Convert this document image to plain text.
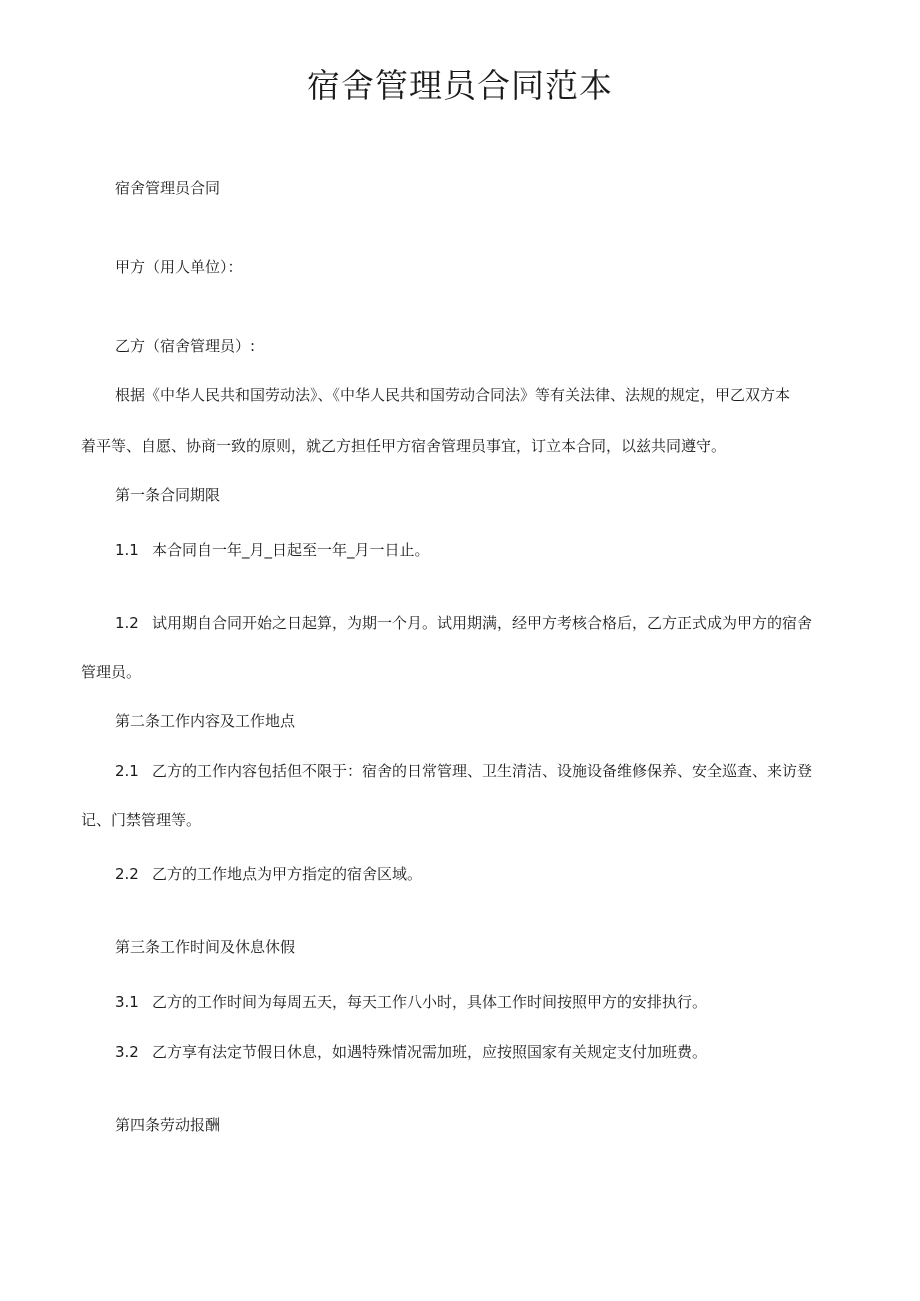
宿舍管理员合同范本

宿舍管理员合同

甲方（用人单位）：

乙方（宿舍管理员）:

根据《中华人民共和国劳动法》、《中华人民共和国劳动合同法》等有关法律、法规的规定，甲乙双方本

着平等、自愿、协商一致的原则，就乙方担任甲方宿舍管理员事宜，订立本合同，以兹共同遵守。

第一条合同期限

1.1 本合同自一年_月_日起至一年_月一日止。

1.2 试用期自合同开始之日起算，为期一个月。试用期满，经甲方考核合格后，乙方正式成为甲方的宿舍

管理员。

第二条工作内容及工作地点

2.1 乙方的工作内容包括但不限于：宿舍的日常管理、卫生清洁、设施设备维修保养、安全巡查、来访登

记、门禁管理等。

2.2 乙方的工作地点为甲方指定的宿舍区域。

第三条工作时间及休息休假

3.1 乙方的工作时间为每周五天，每天工作八小时，具体工作时间按照甲方的安排执行。

3.2 乙方享有法定节假日休息，如遇特殊情况需加班，应按照国家有关规定支付加班费。

第四条劳动报酬
